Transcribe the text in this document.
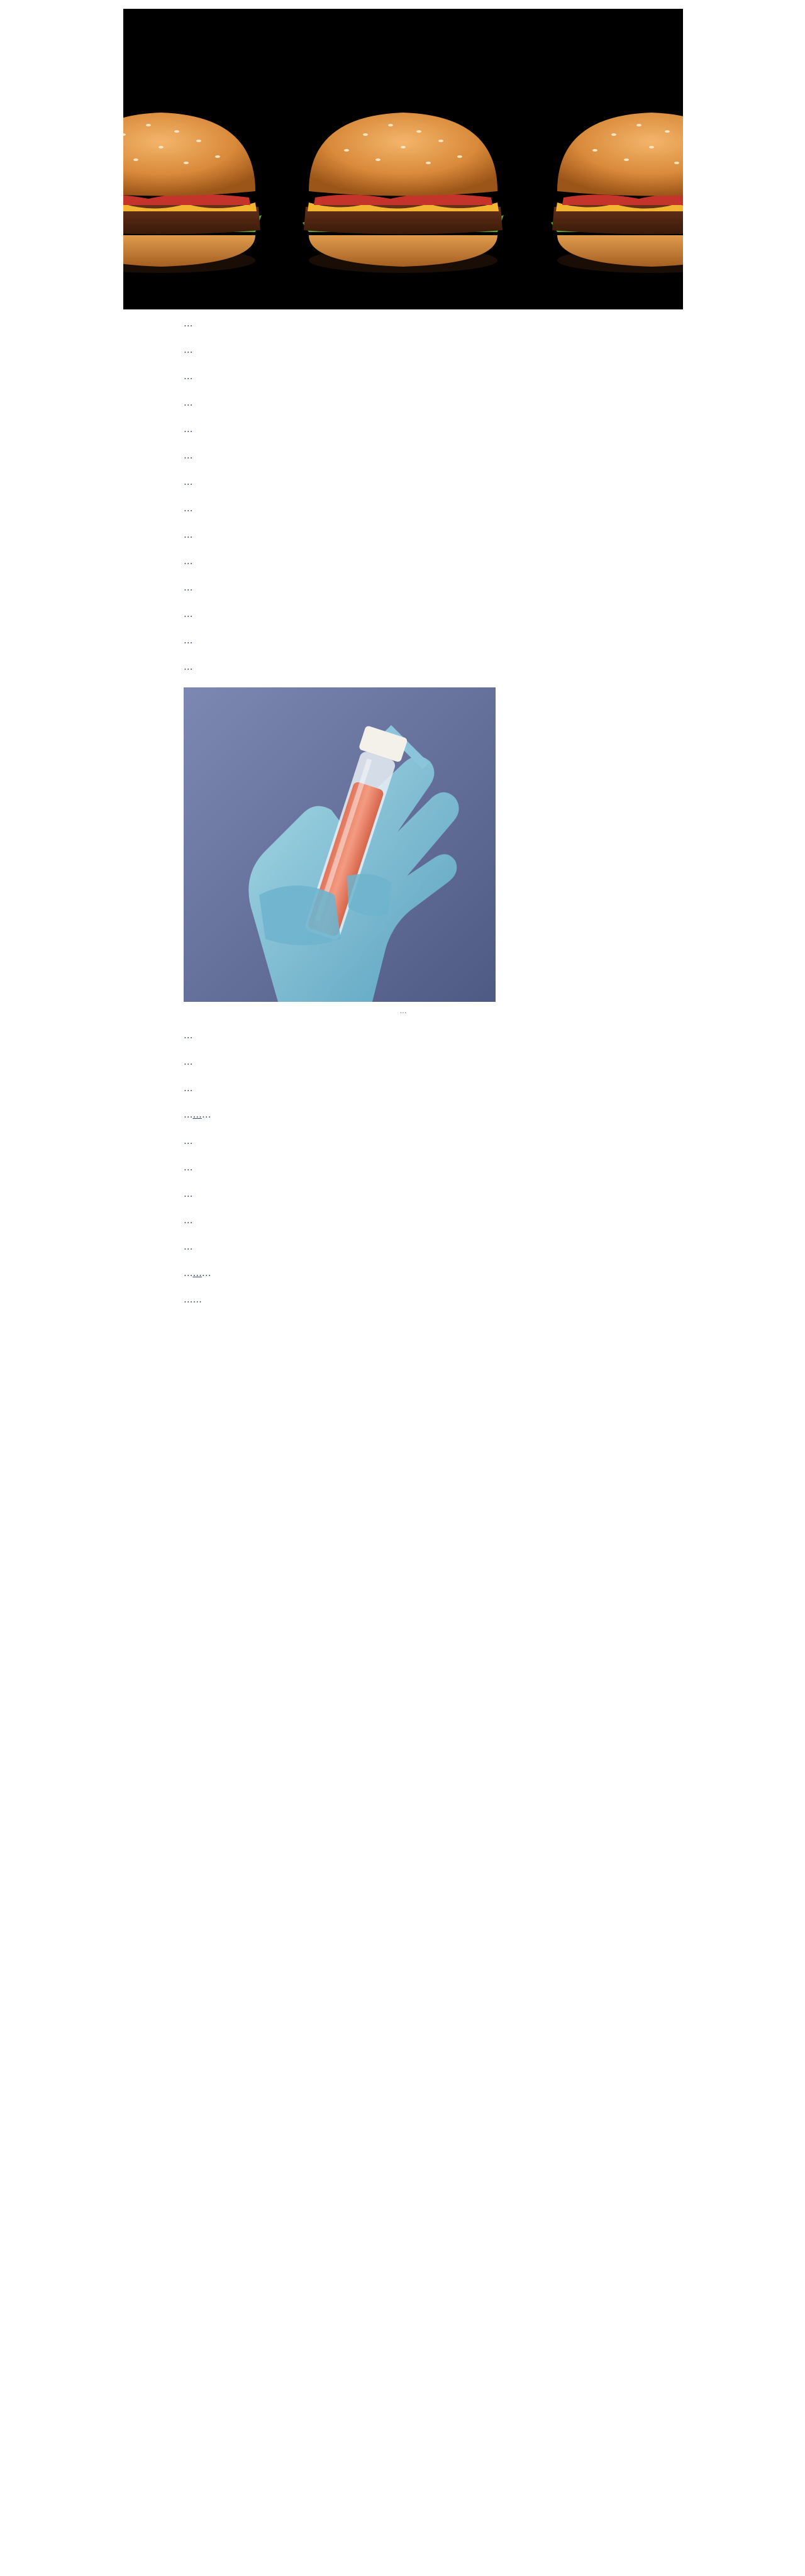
…

…

…

…

…

…

…

…

…

…

…

…

…

…

…

…

…

…

………

…

…

…

…

…

………

……
